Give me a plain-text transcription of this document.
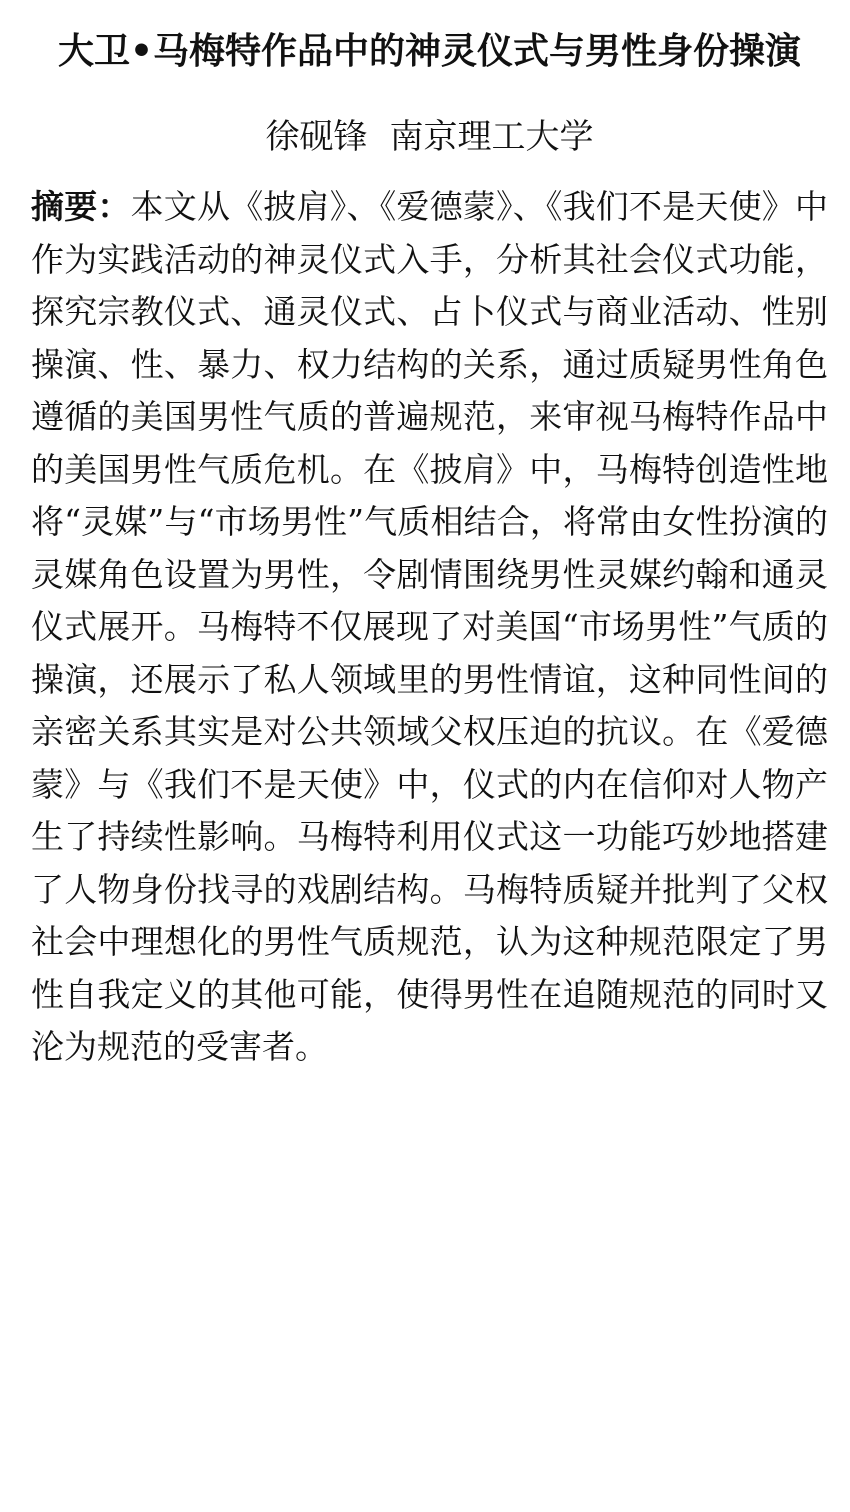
大卫•马梅特作品中的神灵仪式与男性身份操演
徐砚锋 南京理工大学

摘要：本文从《披肩》、《爱德蒙》、《我们不是天使》中作为实践活动的神灵仪式入手，分析其社会仪式功能，探究宗教仪式、通灵仪式、占卜仪式与商业活动、性别操演、性、暴力、权力结构的关系，通过质疑男性角色遵循的美国男性气质的普遍规范，来审视马梅特作品中的美国男性气质危机。在《披肩》中，马梅特创造性地将“灵媒”与“市场男性”气质相结合，将常由女性扮演的灵媒角色设置为男性，令剧情围绕男性灵媒约翰和通灵仪式展开。马梅特不仅展现了对美国“市场男性”气质的操演，还展示了私人领域里的男性情谊，这种同性间的亲密关系其实是对公共领域父权压迫的抗议。在《爱德蒙》与《我们不是天使》中，仪式的内在信仰对人物产生了持续性影响。马梅特利用仪式这一功能巧妙地搭建了人物身份找寻的戏剧结构。马梅特质疑并批判了父权社会中理想化的男性气质规范，认为这种规范限定了男性自我定义的其他可能，使得男性在追随规范的同时又沦为规范的受害者。
